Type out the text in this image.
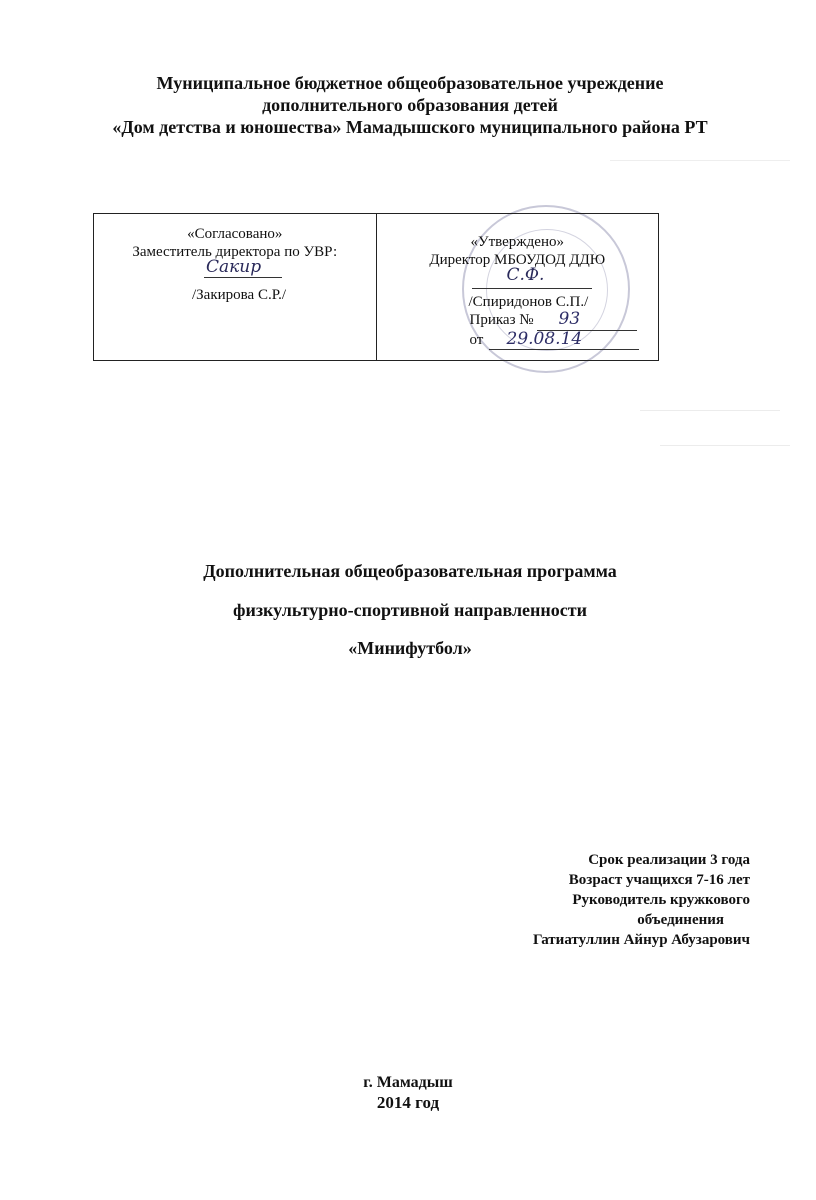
Муниципальное бюджетное общеобразовательное учреждение
дополнительного образования детей
«Дом детства и юношества» Мамадышского муниципального района РТ
«Согласовано»
Заместитель директора по УВР:
Сакир
/Закирова С.Р./
«Утверждено»
Директор МБОУДОД ДДЮ
С.Ф.
/Спиридонов С.П./
Приказ № 93
от 29.08.14
Дополнительная общеобразовательная программа
физкультурно-спортивной направленности
«Минифутбол»
Срок реализации 3 года
Возраст учащихся 7-16 лет
Руководитель кружкового
объединения
Гатиатуллин Айнур Абузарович
г. Мамадыш
2014 год
